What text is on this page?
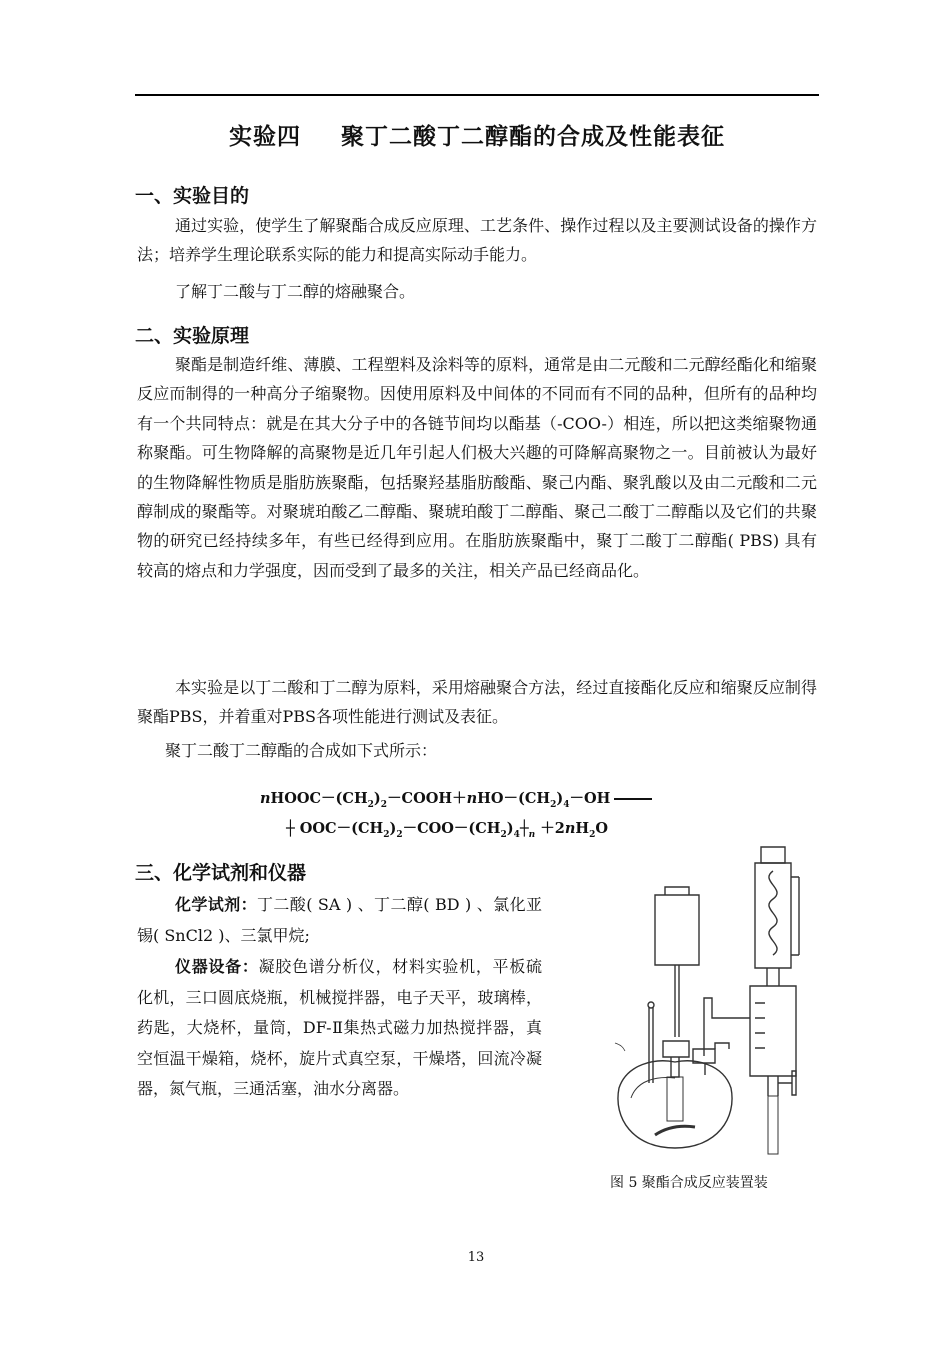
实验四 聚丁二酸丁二醇酯的合成及性能表征
一、实验目的

通过实验，使学生了解聚酯合成反应原理、工艺条件、操作过程以及主要测试设备的操作方法；培养学生理论联系实际的能力和提高实际动手能力。

了解丁二酸与丁二醇的熔融聚合。

二、实验原理

聚酯是制造纤维、薄膜、工程塑料及涂料等的原料，通常是由二元酸和二元醇经酯化和缩聚反应而制得的一种高分子缩聚物。因使用原料及中间体的不同而有不同的品种，但所有的品种均有一个共同特点：就是在其大分子中的各链节间均以酯基（-COO-）相连，所以把这类缩聚物通称聚酯。可生物降解的高聚物是近几年引起人们极大兴趣的可降解高聚物之一。目前被认为最好的生物降解性物质是脂肪族聚酯，包括聚羟基脂肪酸酯、聚己内酯、聚乳酸以及由二元酸和二元醇制成的聚酯等。对聚琥珀酸乙二醇酯、聚琥珀酸丁二醇酯、聚己二酸丁二醇酯以及它们的共聚物的研究已经持续多年，有些已经得到应用。在脂肪族聚酯中，聚丁二酸丁二醇酯( PBS) 具有较高的熔点和力学强度，因而受到了最多的关注，相关产品已经商品化。

本实验是以丁二酸和丁二醇为原料，采用熔融聚合方法，经过直接酯化反应和缩聚反应制得聚酯PBS，并着重对PBS各项性能进行测试及表征。

聚丁二酸丁二醇酯的合成如下式所示：

$nHOOC-(CH_2)_2-COOH+nHO-(CH_2)_4-OH$
┼ $OOC-(CH_2)_2-COO-(CH_2)_4┼_n +2nH_2O$
三、化学试剂和仪器

化学试剂：丁二酸( SA ) 、丁二醇( BD ) 、氯化亚锡( SnCl2 )、三氯甲烷;

仪器设备：凝胶色谱分析仪，材料实验机，平板硫化机，三口圆底烧瓶，机械搅拌器，电子天平，玻璃棒，药匙，大烧杯，量筒，DF-Ⅱ集热式磁力加热搅拌器，真空恒温干燥箱，烧杯，旋片式真空泵，干燥塔，回流冷凝器，氮气瓶，三通活塞，油水分离器。

图 5 聚酯合成反应装置装
13
